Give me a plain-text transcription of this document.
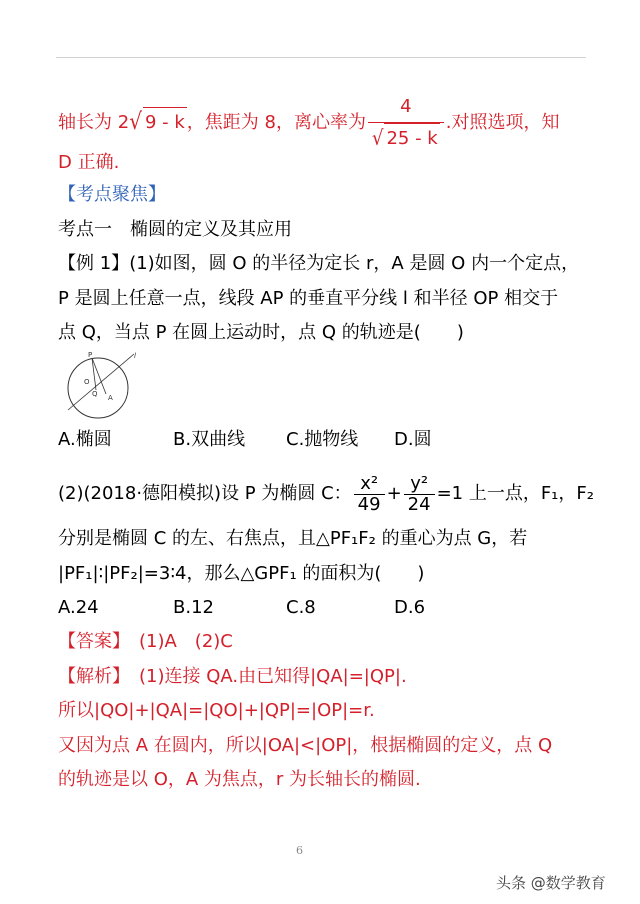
轴长为 2√ 9 - k ，焦距为 8，离心率为 $\frac{4}{√ 25 - k}$ .对照选项，知
D 正确.
【考点聚焦】
考点一　椭圆的定义及其应用
【例 1】(1)如图，圆 O 的半径为定长 r，A 是圆 O 内一个定点，
P 是圆上任意一点，线段 AP 的垂直平分线 l 和半径 OP 相交于
点 Q，当点 P 在圆上运动时，点 Q 的轨迹是(　　)
P	l
O
Q A
A.椭圆	B.双曲线 C.抛物线 D.圆
(2)(2018·德阳模拟)设 P 为椭圆 C： $\frac{\text{x²}}{49} + \frac{\text{y²}}{24} =1$ 上一点，F₁，F₂
分别是椭圆 C 的左、右焦点，且△PF₁F₂ 的重心为点 G，若
|PF₁|∶|PF₂|=3∶4，那么△GPF₁ 的面积为(　　)
A.24	B.12	C.8	D.6
【答案】　 (1)A　(2)C
【解析】　 (1)连接 QA.由已知得|QA|=|QP|.
所以|QO|+|QA|=|QO|+|QP|=|OP|=r.
又因为点 A 在圆内，所以|OA|<|OP|，根据椭圆的定义，点 Q
的轨迹是以 O，A 为焦点，r 为长轴长的椭圆.
6
头条 @数学教育
